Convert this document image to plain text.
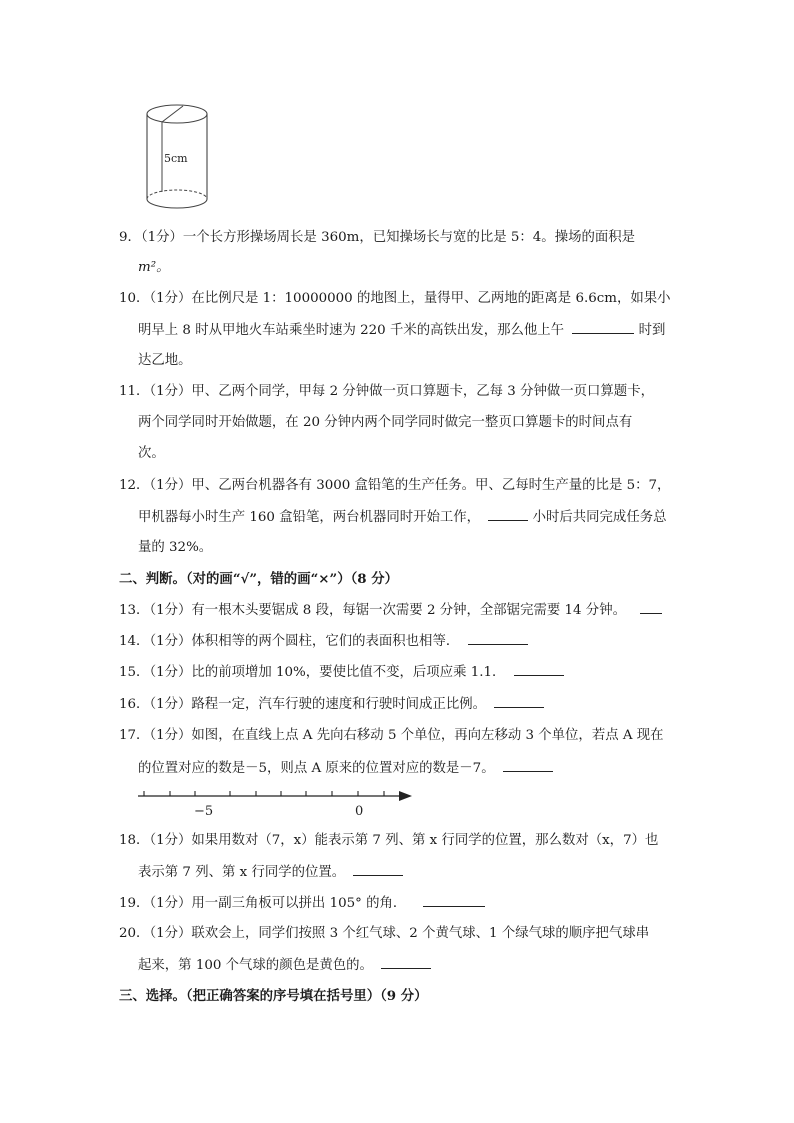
5cm
9．（1分）一个长方形操场周长是 360m，已知操场长与宽的比是 5：4。操场的面积是
m²。
10．（1分）在比例尺是 1：10000000 的地图上，量得甲、乙两地的距离是 6.6cm，如果小
明早上 8 时从甲地火车站乘坐时速为 220 千米的高铁出发，那么他上午	时到
达乙地。
11．（1分）甲、乙两个同学，甲每 2 分钟做一页口算题卡，乙每 3 分钟做一页口算题卡，
两个同学同时开始做题，在 20 分钟内两个同学同时做完一整页口算题卡的时间点有
次。
12．（1分）甲、乙两台机器各有 3000 盒铅笔的生产任务。甲、乙每时生产量的比是 5：7，
甲机器每小时生产 160 盒铅笔，两台机器同时开始工作，	小时后共同完成任务总
量的 32%。
二、判断。（对的画“√”，错的画“×”）（8 分）
13．（1分）有一根木头要锯成 8 段，每锯一次需要 2 分钟，全部锯完需要 14 分钟。
14．（1分）体积相等的两个圆柱，它们的表面积也相等．
15．（1分）比的前项增加 10%，要使比值不变，后项应乘 1.1．
16．（1分）路程一定，汽车行驶的速度和行驶时间成正比例。
17．（1分）如图，在直线上点 A 先向右移动 5 个单位，再向左移动 3 个单位，若点 A 现在
的位置对应的数是－5，则点 A 原来的位置对应的数是－7。
−5	0
18．（1分）如果用数对（7，x）能表示第 7 列、第 x 行同学的位置，那么数对（x，7）也
表示第 7 列、第 x 行同学的位置。
19．（1分）用一副三角板可以拼出 105° 的角．
20．（1分）联欢会上，同学们按照 3 个红气球、2 个黄气球、1 个绿气球的顺序把气球串
起来，第 100 个气球的颜色是黄色的。
三、选择。（把正确答案的序号填在括号里）（9 分）
